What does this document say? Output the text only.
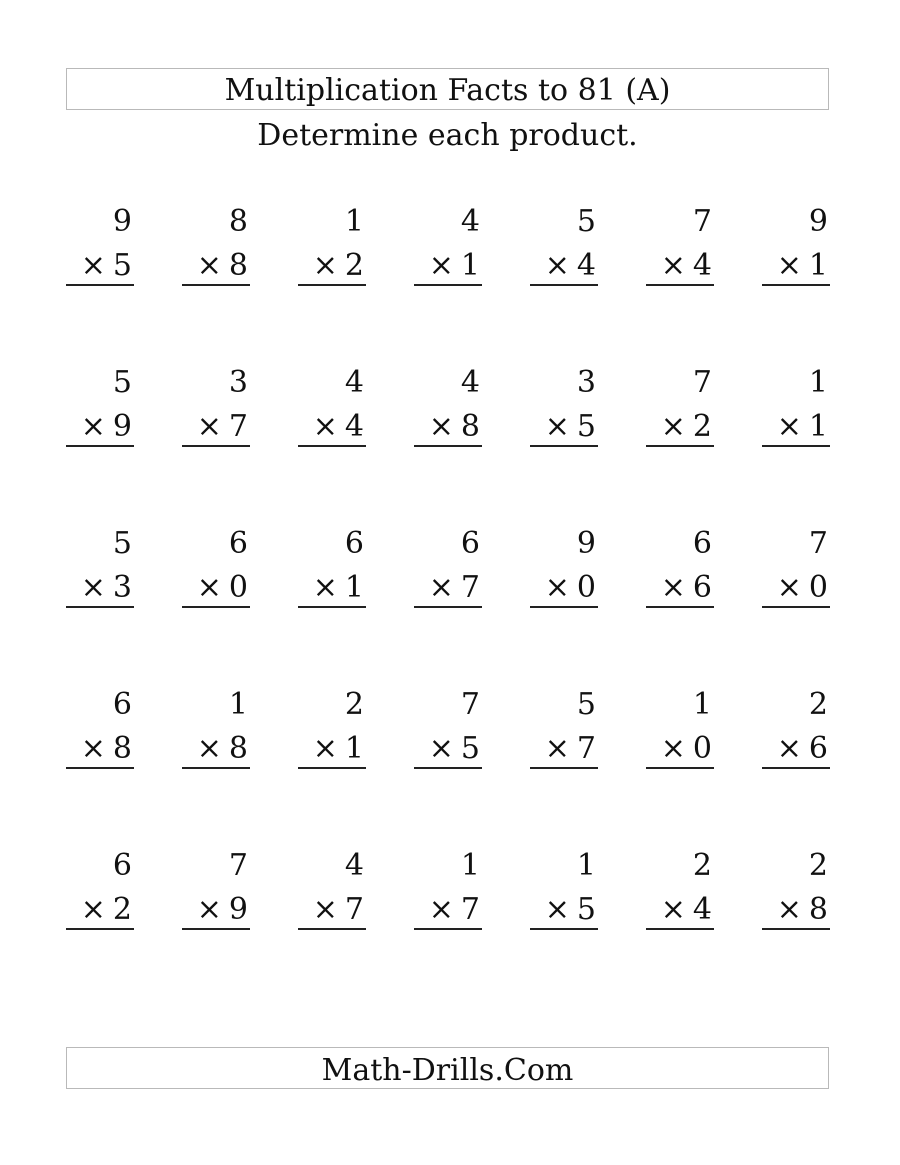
Multiplication Facts to 81 (A)
Determine each product.
9
× 5
8
× 8
1
× 2
4
× 1
5
× 4
7
× 4
9
× 1
5
× 9
3
× 7
4
× 4
4
× 8
3
× 5
7
× 2
1
× 1
5
× 3
6
× 0
6
× 1
6
× 7
9
× 0
6
× 6
7
× 0
6
× 8
1
× 8
2
× 1
7
× 5
5
× 7
1
× 0
2
× 6
6
× 2
7
× 9
4
× 7
1
× 7
1
× 5
2
× 4
2
× 8
Math-Drills.Com
